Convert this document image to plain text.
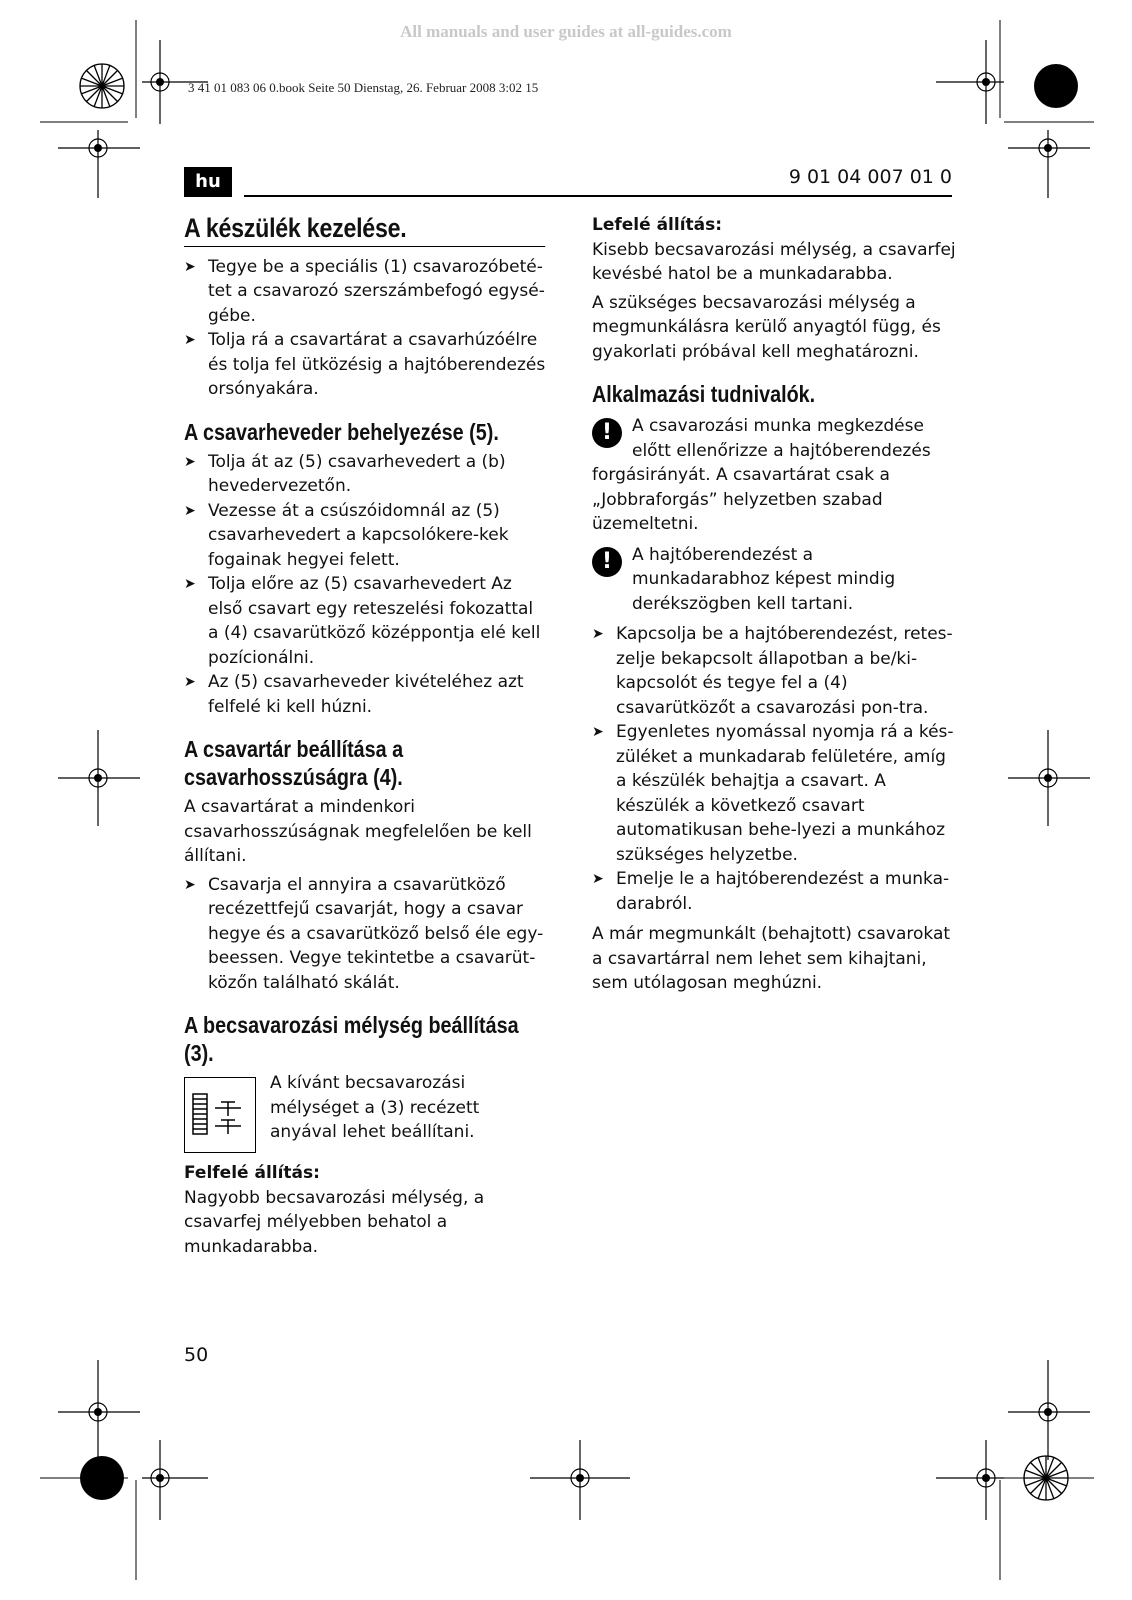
All manuals and user guides at all-guides.com
3 41 01 083 06 0.book Seite 50 Dienstag, 26. Februar 2008 3:02 15
hu	9 01 04 007 01 0
A készülék kezelése.
➤ Tegye be a speciális (1) csavarozóbeté-tet a csavarozó szerszámbefogó egysé-gébe.
➤ Tolja rá a csavartárat a csavarhúzóélre és tolja fel ütközésig a hajtóberendezés orsónyakára.
A csavarheveder behelyezése (5).
➤ Tolja át az (5) csavarhevedert a (b) hevedervezetőn.
➤ Vezesse át a csúszóidomnál az (5) csavarhevedert a kapcsolókere-kek fogainak hegyei felett.
➤ Tolja előre az (5) csavarhevedert Az első csavart egy reteszelési fokozattal a (4) csavarütköző középpontja elé kell pozícionálni.
➤ Az (5) csavarheveder kivételéhez azt felfelé ki kell húzni.
A csavartár beállítása a csavarhosszúságra (4).

A csavartárat a mindenkori csavarhosszúságnak megfelelően be kell állítani.

➤ Csavarja el annyira a csavarütköző recézettfejű csavarját, hogy a csavar hegye és a csavarütköző belső éle egy-beessen. Vegye tekintetbe a csavarüt-közőn található skálát.
A becsavarozási mélység beállítása (3).
A kívánt becsavarozási mélységet a (3) recézett anyával lehet beállítani.

Felfelé állítás:

Nagyobb becsavarozási mélység, a csavarfej mélyebben behatol a munkadarabba.

Lefelé állítás:

Kisebb becsavarozási mélység, a csavarfej kevésbé hatol be a munkadarabba.

A szükséges becsavarozási mélység a megmunkálásra kerülő anyagtól függ, és gyakorlati próbával kell meghatározni.

Alkalmazási tudnivalók.
!	A csavarozási munka megkezdése előtt ellenőrizze a hajtóberendezés
forgásirányát. A csavartárat csak a „Jobbraforgás” helyzetben szabad üzemeltetni.
!	A hajtóberendezést a munkadarabhoz képest mindig derékszögben kell tartani.
➤ Kapcsolja be a hajtóberendezést, retes-zelje bekapcsolt állapotban a be/ki-kapcsolót és tegye fel a (4) csavarütközőt a csavarozási pon-tra.
➤ Egyenletes nyomással nyomja rá a kés-züléket a munkadarab felületére, amíg a készülék behajtja a csavart. A készülék a következő csavart automatikusan behe-lyezi a munkához szükséges helyzetbe.
➤ Emelje le a hajtóberendezést a munka-darabról.

A már megmunkált (behajtott) csavarokat a csavartárral nem lehet sem kihajtani, sem utólagosan meghúzni.

50
